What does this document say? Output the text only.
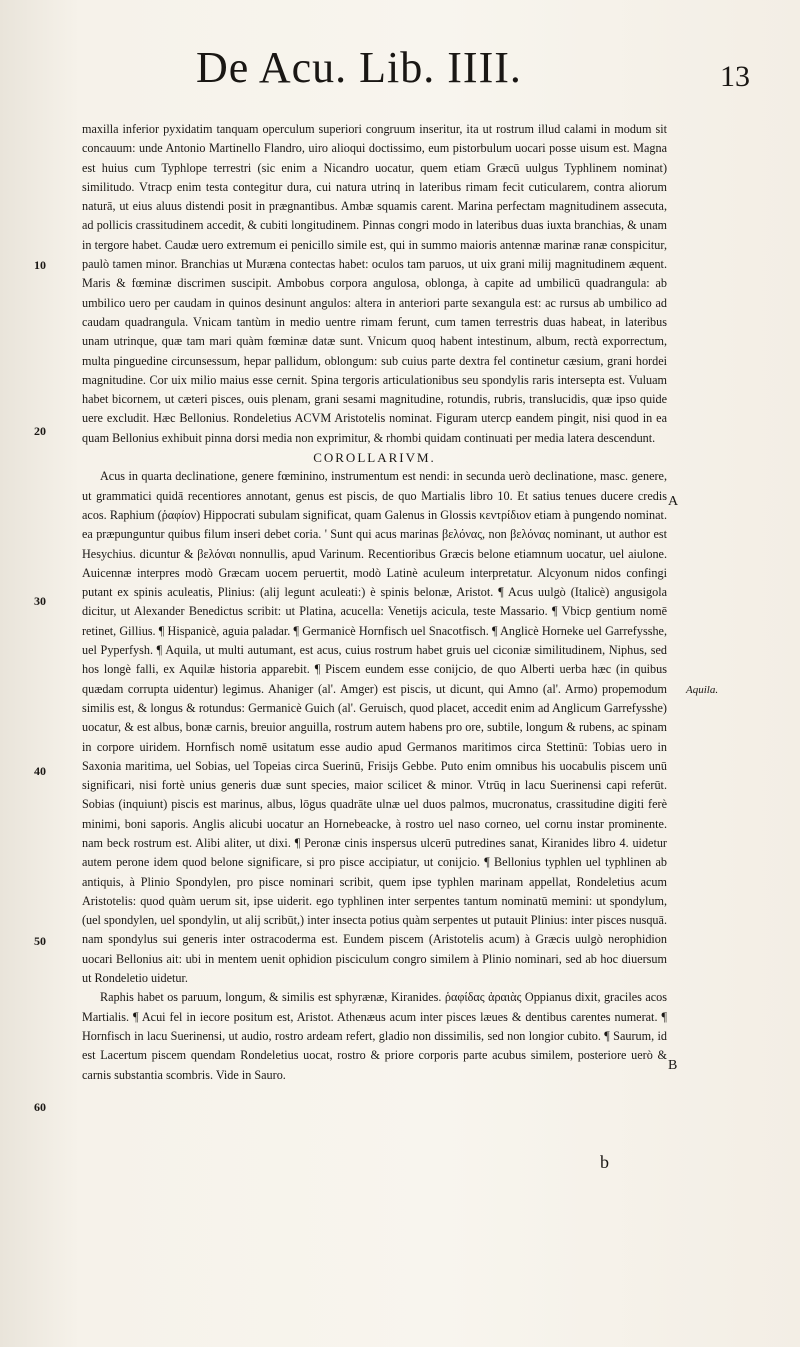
De Acu. Lib. IIII.	13
10
20
30
40
50
60
A
Aquila.
B

maxilla inferior pyxidatim tanquam operculum superiori congruum inseritur, ita ut rostrum illud calami in modum sit concauum: unde Antonio Martinello Flandro, uiro alioqui doctissimo, eum pistorbulum uocari posse uisum est. Magna est huius cum Typhlope terrestri (sic enim a Nicandro uocatur, quem etiam Græcū uulgus Typhlinem nominat) similitudo. Vtracp enim testa contegitur dura, cui natura utrinq in lateribus rimam fecit cuticularem, contra aliorum naturā, ut eius aluus distendi posit in prægnantibus. Ambæ squamis carent. Marina perfectam magnitudinem assecuta, ad pollicis crassitudinem accedit, & cubiti longitudinem. Pinnas congri modo in lateribus duas iuxta branchias, & unam in tergore habet. Caudæ uero extremum ei penicillo simile est, qui in summo maioris antennæ marinæ ranæ conspicitur, paulò tamen minor. Branchias ut Muræna contectas habet: oculos tam paruos, ut uix grani milij magnitudinem æquent. Maris & fœminæ discrimen suscipit. Ambobus corpora angulosa, oblonga, à capite ad umbilicū quadrangula: ab umbilico uero per caudam in quinos desinunt angulos: altera in anteriori parte sexangula est: ac rursus ab umbilico ad caudam quadrangula. Vnicam tantùm in medio uentre rimam ferunt, cum tamen terrestris duas habeat, in lateribus unam utrinque, quæ tam mari quàm fœminæ datæ sunt. Vnicum quoq habent intestinum, album, rectà exporrectum, multa pinguedine circunsessum, hepar pallidum, oblongum: sub cuius parte dextra fel continetur cæsium, grani hordei magnitudine. Cor uix milio maius esse cernit. Spina tergoris articulationibus seu spondylis raris intersepta est. Vuluam habet bicornem, ut cæteri pisces, ouis plenam, grani sesami magnitudine, rotundis, rubris, translucidis, quæ ipso quide uere excludit. Hæc Bellonius. Rondeletius ACVM Aristotelis nominat. Figuram utercp eandem pingit, nisi quod in ea quam Bellonius exhibuit pinna dorsi media non exprimitur, & rhombi quidam continuati per media latera descendunt.

COROLLARIVM.

Acus in quarta declinatione, genere fœminino, instrumentum est nendi: in secunda uerò declinatione, masc. genere, ut grammatici quidā recentiores annotant, genus est piscis, de quo Martialis libro 10. Et satius tenues ducere credis acos. Raphium (ῥαφίον) Hippocrati subulam significat, quam Galenus in Glossis κεντρίδιον etiam à pungendo nominat. ea præpunguntur quibus filum inseri debet coria. ' Sunt qui acus marinas βελόνας, non βελόνας nominant, ut author est Hesychius. dicuntur & βελόναι nonnullis, apud Varinum. Recentioribus Græcis belone etiamnum uocatur, uel aiulone. Auicennæ interpres modò Græcam uocem peruertit, modò Latinè aculeum interpretatur. Alcyonum nidos confingi putant ex spinis aculeatis, Plinius: (alij legunt aculeati:) è spinis belonæ, Aristot. ¶ Acus uulgò (Italicè) angusigola dicitur, ut Alexander Benedictus scribit: ut Platina, acucella: Venetijs acicula, teste Massario. ¶ Vbicp gentium nomē retinet, Gillius. ¶ Hispanicè, aguia paladar. ¶ Germanicè Hornfisch uel Snacotfisch. ¶ Anglicè Horneke uel Garrefysshe, uel Pyperfysh. ¶ Aquila, ut multi autumant, est acus, cuius rostrum habet gruis uel ciconiæ similitudinem, Niphus, sed hos longè falli, ex Aquilæ historia apparebit. ¶ Piscem eundem esse conijcio, de quo Alberti uerba hæc (in quibus quædam corrupta uidentur) legimus. Ahaniger (al'. Amger) est piscis, ut dicunt, qui Amno (al'. Armo) propemodum similis est, & longus & rotundus: Germanicè Guich (al'. Geruisch, quod placet, accedit enim ad Anglicum Garrefysshe) uocatur, & est albus, bonæ carnis, breuior anguilla, rostrum autem habens pro ore, subtile, longum & rubens, ac spinam in corpore uiridem. Hornfisch nomē usitatum esse audio apud Germanos maritimos circa Stettinū: Tobias uero in Saxonia maritima, uel Sobias, uel Topeias circa Suerinū, Frisijs Gebbe. Puto enim omnibus his uocabulis piscem unū significari, nisi fortè unius generis duæ sunt species, maior scilicet & minor. Vtrūq in lacu Suerinensi capi referūt. Sobias (inquiunt) piscis est marinus, albus, lōgus quadrāte ulnæ uel duos palmos, mucronatus, crassitudine digiti ferè minimi, boni saporis. Anglis alicubi uocatur an Hornebeacke, à rostro uel naso corneo, uel cornu instar prominente. nam beck rostrum est. Alibi aliter, ut dixi. ¶ Peronæ cinis inspersus ulcerū putredines sanat, Kiranides libro 4. uidetur autem perone idem quod belone significare, si pro pisce accipiatur, ut conijcio. ¶ Bellonius typhlen uel typhlinen ab antiquis, à Plinio Spondylen, pro pisce nominari scribit, quem ipse typhlen marinam appellat, Rondeletius acum Aristotelis: quod quàm uerum sit, ipse uiderit. ego typhlinen inter serpentes tantum nominatū memini: ut spondylum, (uel spondylen, uel spondylin, ut alij scribūt,) inter insecta potius quàm serpentes ut putauit Plinius: inter pisces nusquā. nam spondylus sui generis inter ostracoderma est. Eundem piscem (Aristotelis acum) à Græcis uulgò nerophidion uocari Bellonius ait: ubi in mentem uenit ophidion pisciculum congro similem à Plinio nominari, sed ab hoc diuersum ut Rondeletio uidetur.

Raphis habet os paruum, longum, & similis est sphyrænæ, Kiranides. ῥαφίδας ἀραιὰς Oppianus dixit, graciles acos Martialis. ¶ Acui fel in iecore positum est, Aristot. Athenæus acum inter pisces læues & dentibus carentes numerat. ¶ Hornfisch in lacu Suerinensi, ut audio, rostro ardeam refert, gladio non dissimilis, sed non longior cubito. ¶ Saurum, id est Lacertum piscem quendam Rondeletius uocat, rostro & priore corporis parte acubus similem, posteriore uerò & carnis substantia scombris. Vide in Sauro.

b
